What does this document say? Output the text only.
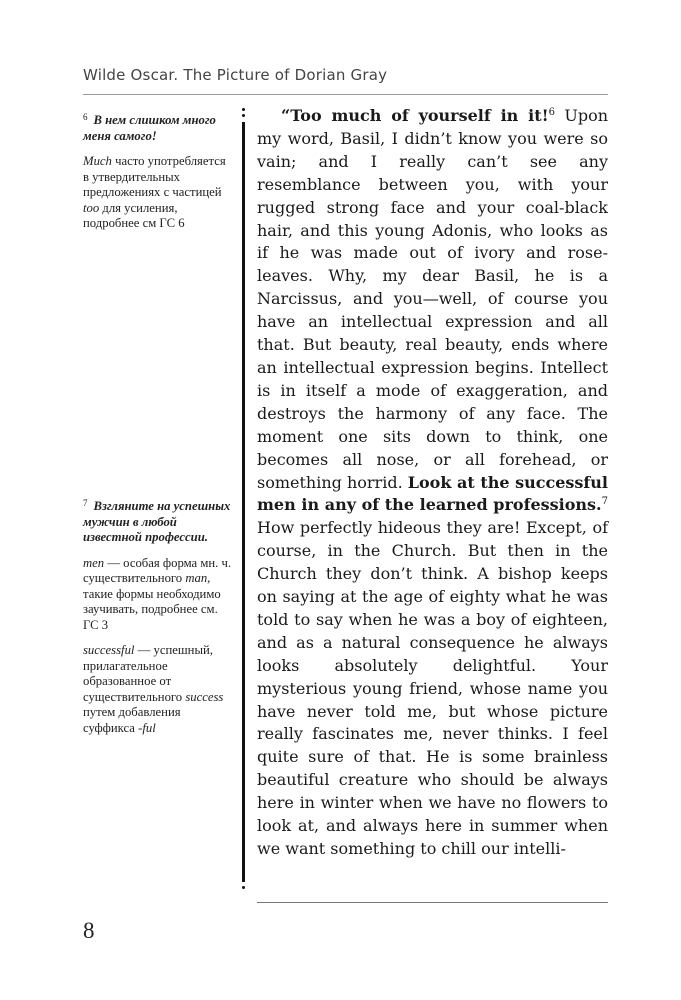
Wilde Oscar. The Picture of Dorian Gray

$^6$ В нем слишком много меня самого!

Much часто употребляется в утвердительных предложениях с частицей too для усиления, подробнее см ГС 6

$^7$ Взгляните на успешных мужчин в любой известной профессии.

men — особая форма мн. ч. существительного man, такие формы необходимо заучивать, подробнее см. ГС 3

successful — успешный, прилагательное образованное от существительного success путем добавления суффикса -ful

“Too much of yourself in it!$^6$ Upon my word, Basil, I didn’t know you were so vain; and I really can’t see any resemblance between you, with your rugged strong face and your coal-black hair, and this young Adonis, who looks as if he was made out of ivory and rose-leaves. Why, my dear Basil, he is a Narcissus, and you—well, of course you have an intellectual expression and all that. But beauty, real beauty, ends where an intellectual expression begins. Intellect is in itself a mode of exaggeration, and destroys the harmony of any face. The moment one sits down to think, one becomes all nose, or all forehead, or something horrid. Look at the successful men in any of the learned professions.$^7$ How perfectly hideous they are! Except, of course, in the Church. But then in the Church they don’t think. A bishop keeps on saying at the age of eighty what he was told to say when he was a boy of eighteen, and as a natural consequence he always looks absolutely delightful. Your mysterious young friend, whose name you have never told me, but whose picture really fascinates me, never thinks. I feel quite sure of that. He is some brainless beautiful creature who should be always here in winter when we have no flowers to look at, and always here in summer when we want something to chill our intelli-

8
